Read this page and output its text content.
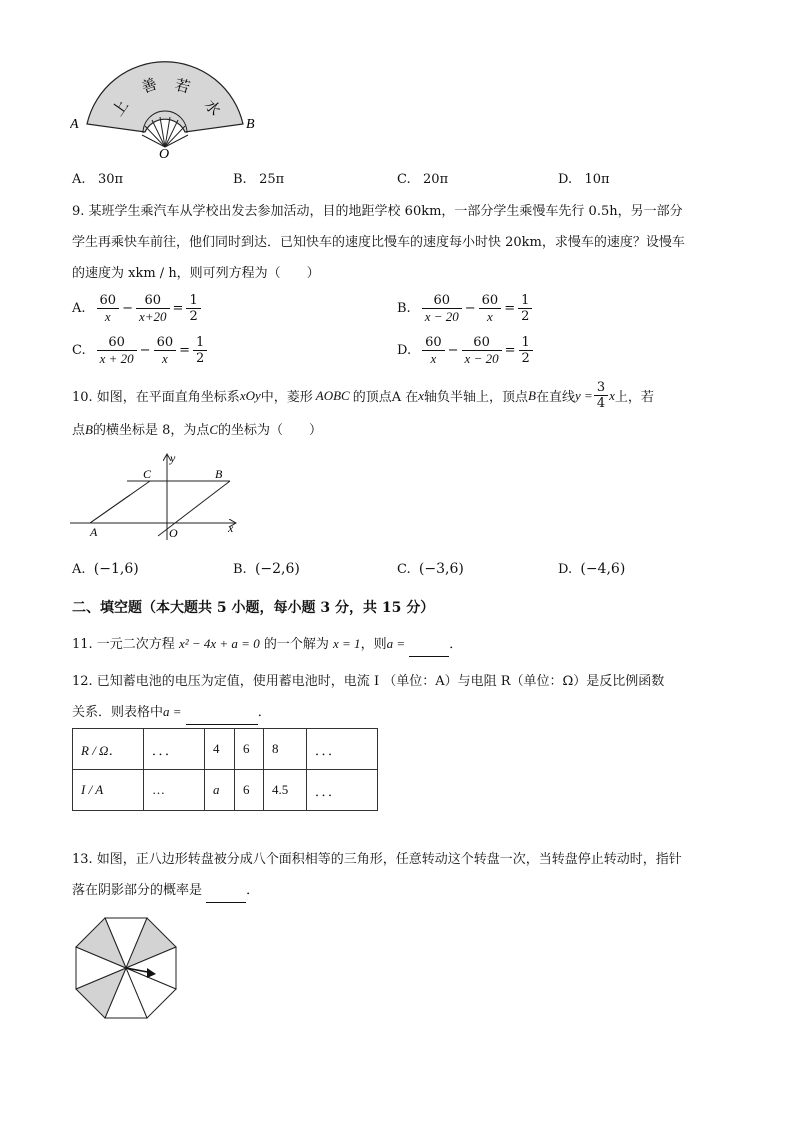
上
善 若
水
A	B
O
A. 30π	B. 25π	C. 20π	D. 10π
9. 某班学生乘汽车从学校出发去参加活动，目的地距学校 60km，一部分学生乘慢车先行 0.5h，另一部分
学生再乘快车前往，他们同时到达．已知快车的速度比慢车的速度每小时快 20km，求慢车的速度？设慢车
的速度为 xkm / h，则可列方程为（　　）
A. $\frac{60}{x} - \frac{60}{x+20} = \frac{1}{2}$	B. $\frac{60}{x - 20} - \frac{60}{x} = \frac{1}{2}$
C. $\frac{60}{x + 20} - \frac{60}{x} = \frac{1}{2}$	D. $\frac{60}{x} - \frac{60}{x - 20} = \frac{1}{2}$
10. 如图，在平面直角坐标系 xOy 中，菱形 AOBC 的顶点A 在 x 轴负半轴上，顶点 B 在直线 $y = \frac{3}{4}$ x 上，若
点B的横坐标是 8，为点C的坐标为（　　）
C	B
A	O	x
y
A. (−1,6)	B. (−2,6)	C. (−3,6)	D. (−4,6)
二、填空题（本大题共 5 小题，每小题 3 分，共 15 分）
11. 一元二次方程 x² − 4x + a = 0 的一个解为 x = 1，则a =	．
12. 已知蓄电池的电压为定值，使用蓄电池时，电流 I （单位：A）与电阻 R（单位：Ω）是反比例函数
关系．则表格中a =	．
R / Ω．	．．．	4	6	8	．．．
I / A	…	a	6	4.5	．．．
13. 如图，正八边形转盘被分成八个面积相等的三角形，任意转动这个转盘一次，当转盘停止转动时，指针
落在阴影部分的概率是	．
